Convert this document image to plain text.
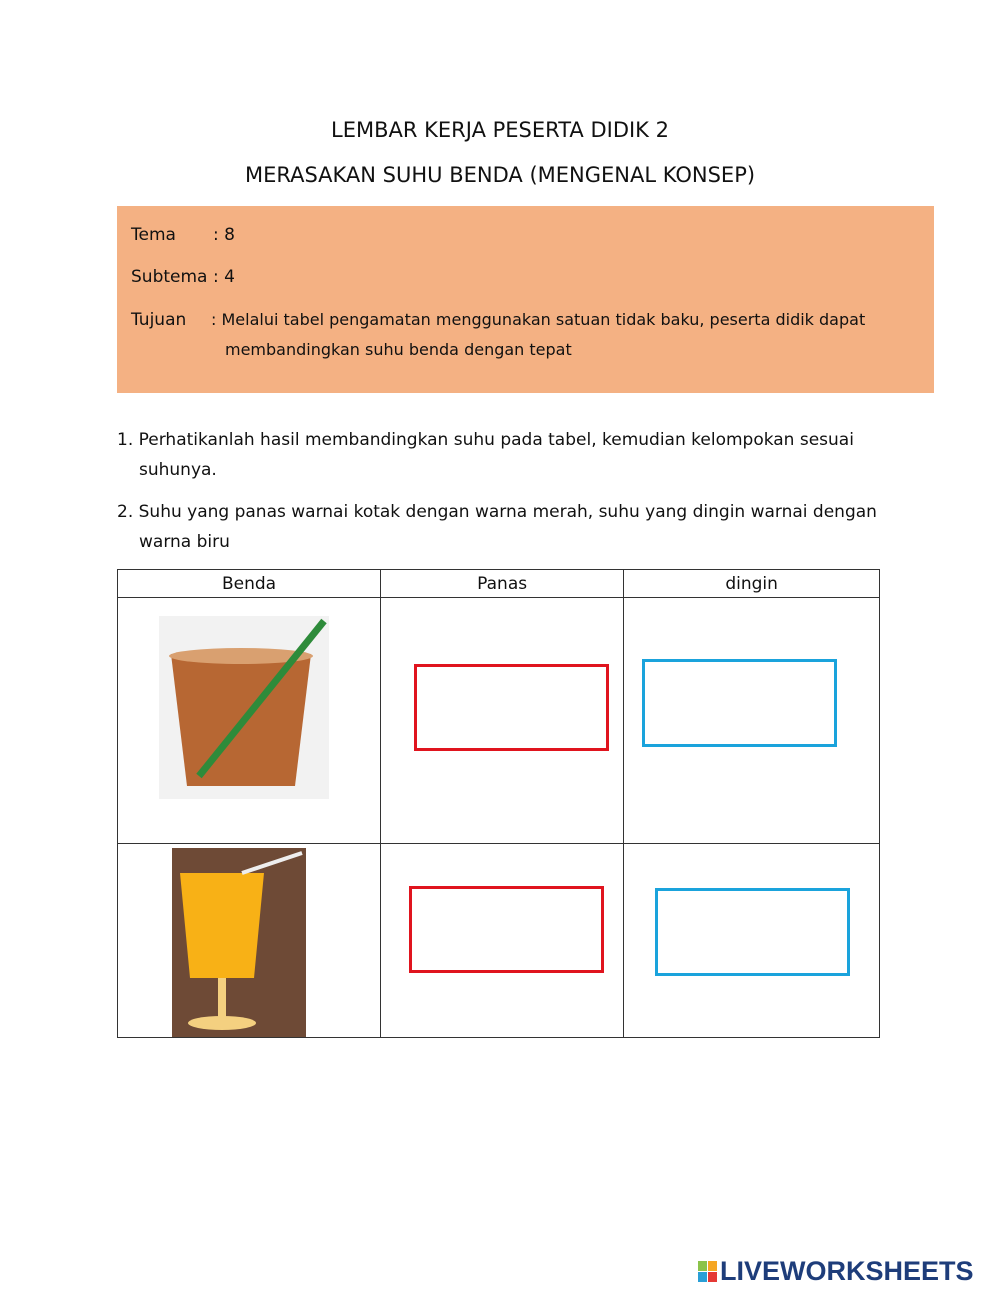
LEMBAR KERJA PESERTA DIDIK 2
MERASAKAN SUHU BENDA (MENGENAL KONSEP)
Tema : 8
Subtema : 4
Tujuan : Melalui tabel pengamatan menggunakan satuan tidak baku, peserta didik dapat
membandingkan suhu benda dengan tepat
1. Perhatikanlah hasil membandingkan suhu pada tabel, kemudian kelompokan sesuai
suhunya.
2. Suhu yang panas warnai kotak dengan warna merah, suhu yang dingin warnai dengan
warna biru
Benda	Panas	dingin

LIVEWORKSHEETS
